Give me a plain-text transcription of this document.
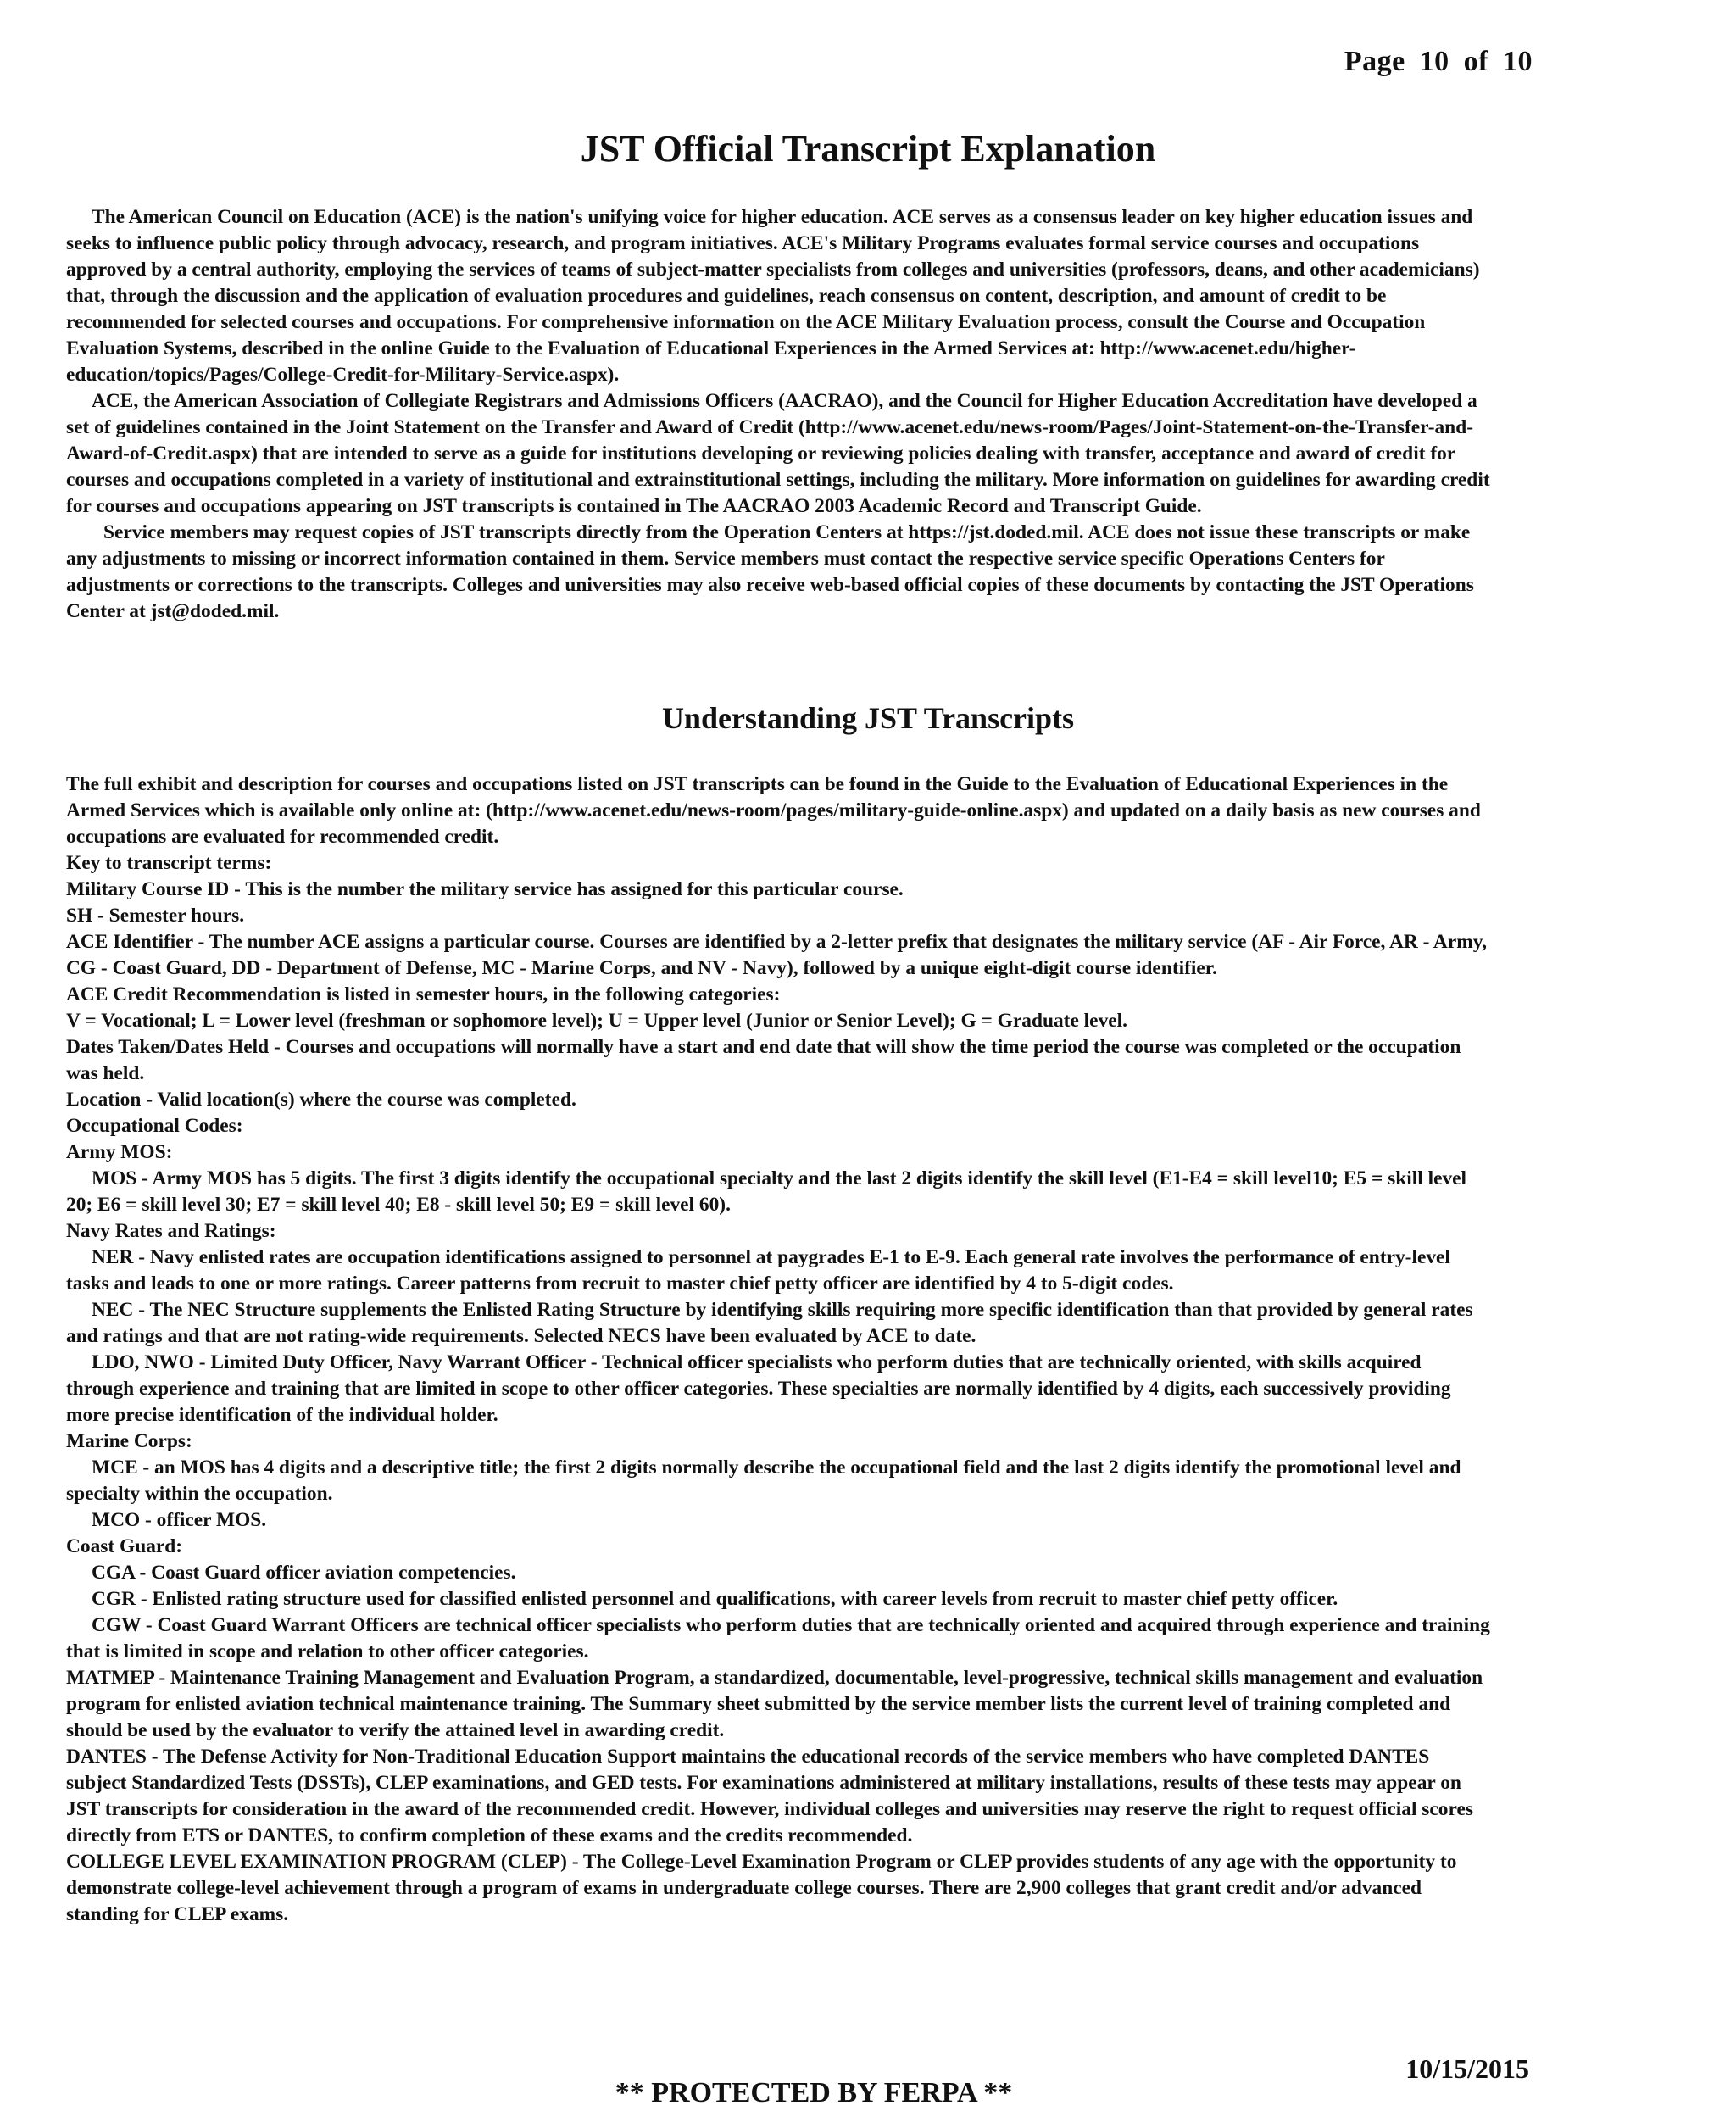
Page 10 of 10
JST Official Transcript Explanation

The American Council on Education (ACE) is the nation's unifying voice for higher education. ACE serves as a consensus leader on key higher education issues and seeks to influence public policy through advocacy, research, and program initiatives. ACE's Military Programs evaluates formal service courses and occupations approved by a central authority, employing the services of teams of subject-matter specialists from colleges and universities (professors, deans, and other academicians) that, through the discussion and the application of evaluation procedures and guidelines, reach consensus on content, description, and amount of credit to be recommended for selected courses and occupations. For comprehensive information on the ACE Military Evaluation process, consult the Course and Occupation Evaluation Systems, described in the online Guide to the Evaluation of Educational Experiences in the Armed Services at: http://www.acenet.edu/higher-education/topics/Pages/College-Credit-for-Military-Service.aspx).

ACE, the American Association of Collegiate Registrars and Admissions Officers (AACRAO), and the Council for Higher Education Accreditation have developed a set of guidelines contained in the Joint Statement on the Transfer and Award of Credit (http://www.acenet.edu/news-room/Pages/Joint-Statement-on-the-Transfer-and-Award-of-Credit.aspx) that are intended to serve as a guide for institutions developing or reviewing policies dealing with transfer, acceptance and award of credit for courses and occupations completed in a variety of institutional and extrainstitutional settings, including the military. More information on guidelines for awarding credit for courses and occupations appearing on JST transcripts is contained in The AACRAO 2003 Academic Record and Transcript Guide.

Service members may request copies of JST transcripts directly from the Operation Centers at https://jst.doded.mil. ACE does not issue these transcripts or make any adjustments to missing or incorrect information contained in them. Service members must contact the respective service specific Operations Centers for adjustments or corrections to the transcripts. Colleges and universities may also receive web-based official copies of these documents by contacting the JST Operations Center at jst@doded.mil.

Understanding JST Transcripts

The full exhibit and description for courses and occupations listed on JST transcripts can be found in the Guide to the Evaluation of Educational Experiences in the Armed Services which is available only online at: (http://www.acenet.edu/news-room/pages/military-guide-online.aspx) and updated on a daily basis as new courses and occupations are evaluated for recommended credit.

Key to transcript terms:

Military Course ID - This is the number the military service has assigned for this particular course.

SH - Semester hours.

ACE Identifier - The number ACE assigns a particular course. Courses are identified by a 2-letter prefix that designates the military service (AF - Air Force, AR - Army, CG - Coast Guard, DD - Department of Defense, MC - Marine Corps, and NV - Navy), followed by a unique eight-digit course identifier.

ACE Credit Recommendation is listed in semester hours, in the following categories:

V = Vocational; L = Lower level (freshman or sophomore level); U = Upper level (Junior or Senior Level); G = Graduate level.

Dates Taken/Dates Held - Courses and occupations will normally have a start and end date that will show the time period the course was completed or the occupation was held.

Location - Valid location(s) where the course was completed.

Occupational Codes:

Army MOS:

MOS - Army MOS has 5 digits. The first 3 digits identify the occupational specialty and the last 2 digits identify the skill level (E1-E4 = skill level10; E5 = skill level 20; E6 = skill level 30; E7 = skill level 40; E8 - skill level 50; E9 = skill level 60).

Navy Rates and Ratings:

NER - Navy enlisted rates are occupation identifications assigned to personnel at paygrades E-1 to E-9. Each general rate involves the performance of entry-level tasks and leads to one or more ratings. Career patterns from recruit to master chief petty officer are identified by 4 to 5-digit codes.

NEC - The NEC Structure supplements the Enlisted Rating Structure by identifying skills requiring more specific identification than that provided by general rates and ratings and that are not rating-wide requirements. Selected NECS have been evaluated by ACE to date.

LDO, NWO - Limited Duty Officer, Navy Warrant Officer - Technical officer specialists who perform duties that are technically oriented, with skills acquired through experience and training that are limited in scope to other officer categories. These specialties are normally identified by 4 digits, each successively providing more precise identification of the individual holder.

Marine Corps:

MCE - an MOS has 4 digits and a descriptive title; the first 2 digits normally describe the occupational field and the last 2 digits identify the promotional level and specialty within the occupation.

MCO - officer MOS.

Coast Guard:

CGA - Coast Guard officer aviation competencies.

CGR - Enlisted rating structure used for classified enlisted personnel and qualifications, with career levels from recruit to master chief petty officer.

CGW - Coast Guard Warrant Officers are technical officer specialists who perform duties that are technically oriented and acquired through experience and training that is limited in scope and relation to other officer categories.

MATMEP - Maintenance Training Management and Evaluation Program, a standardized, documentable, level-progressive, technical skills management and evaluation program for enlisted aviation technical maintenance training. The Summary sheet submitted by the service member lists the current level of training completed and should be used by the evaluator to verify the attained level in awarding credit.

DANTES - The Defense Activity for Non-Traditional Education Support maintains the educational records of the service members who have completed DANTES subject Standardized Tests (DSSTs), CLEP examinations, and GED tests. For examinations administered at military installations, results of these tests may appear on JST transcripts for consideration in the award of the recommended credit. However, individual colleges and universities may reserve the right to request official scores directly from ETS or DANTES, to confirm completion of these exams and the credits recommended.

COLLEGE LEVEL EXAMINATION PROGRAM (CLEP) - The College-Level Examination Program or CLEP provides students of any age with the opportunity to demonstrate college-level achievement through a program of exams in undergraduate college courses. There are 2,900 colleges that grant credit and/or advanced standing for CLEP exams.

** PROTECTED BY FERPA **
10/15/2015
